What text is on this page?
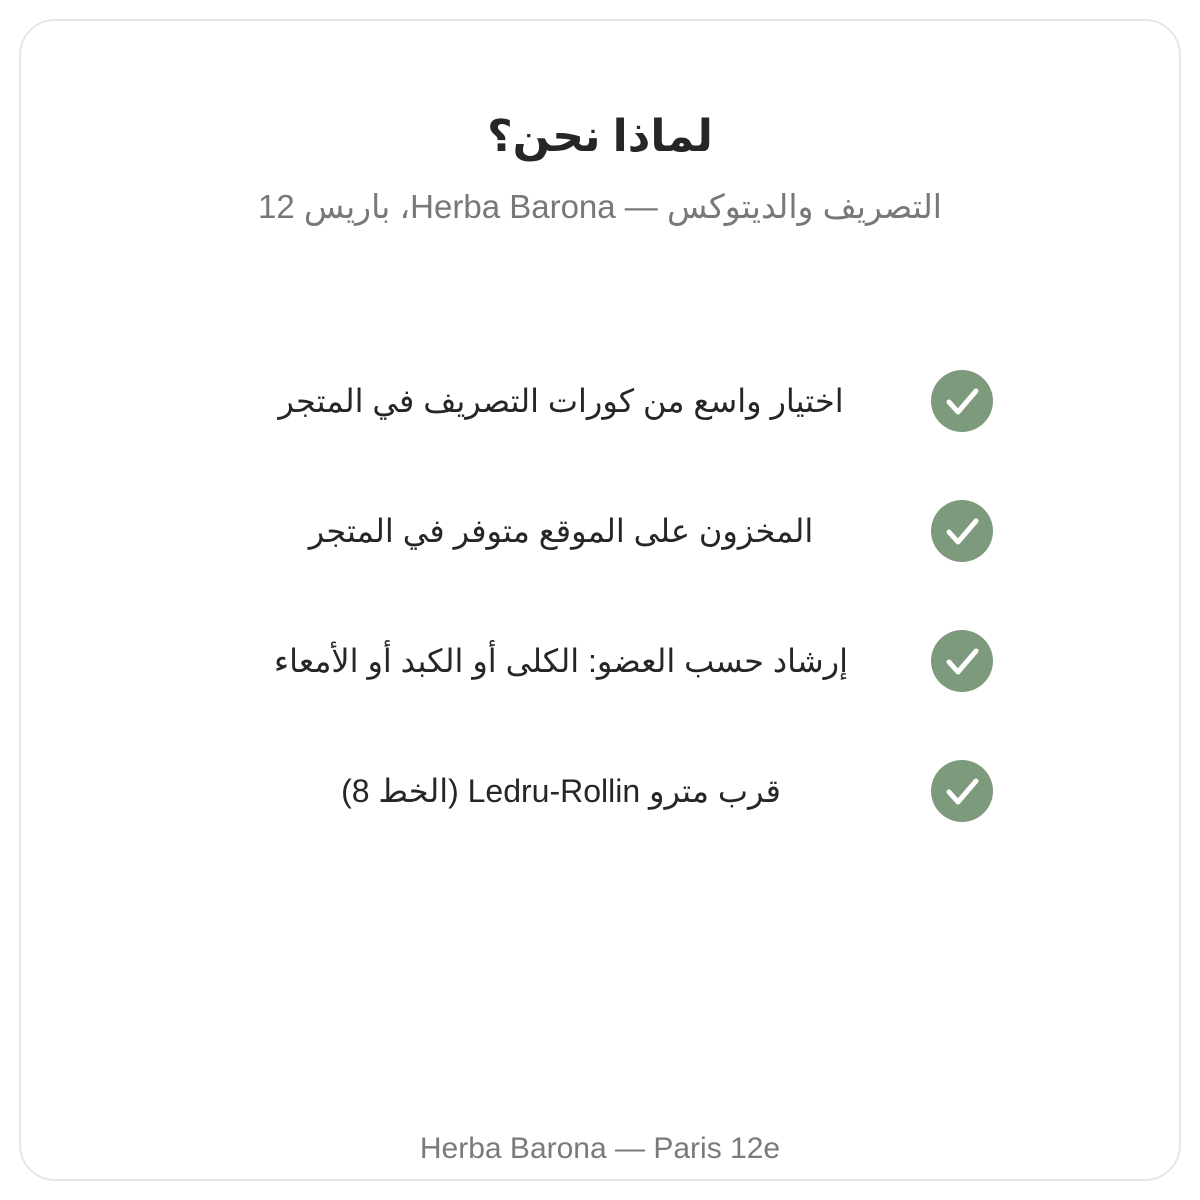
لماذا نحن؟
التصريف والديتوكس — Herba Barona، باريس 12
اختيار واسع من كورات التصريف في المتجر
المخزون على الموقع متوفر في المتجر
إرشاد حسب العضو: الكلى أو الكبد أو الأمعاء
قرب مترو Ledru-Rollin (الخط 8)
Herba Barona — Paris 12e
